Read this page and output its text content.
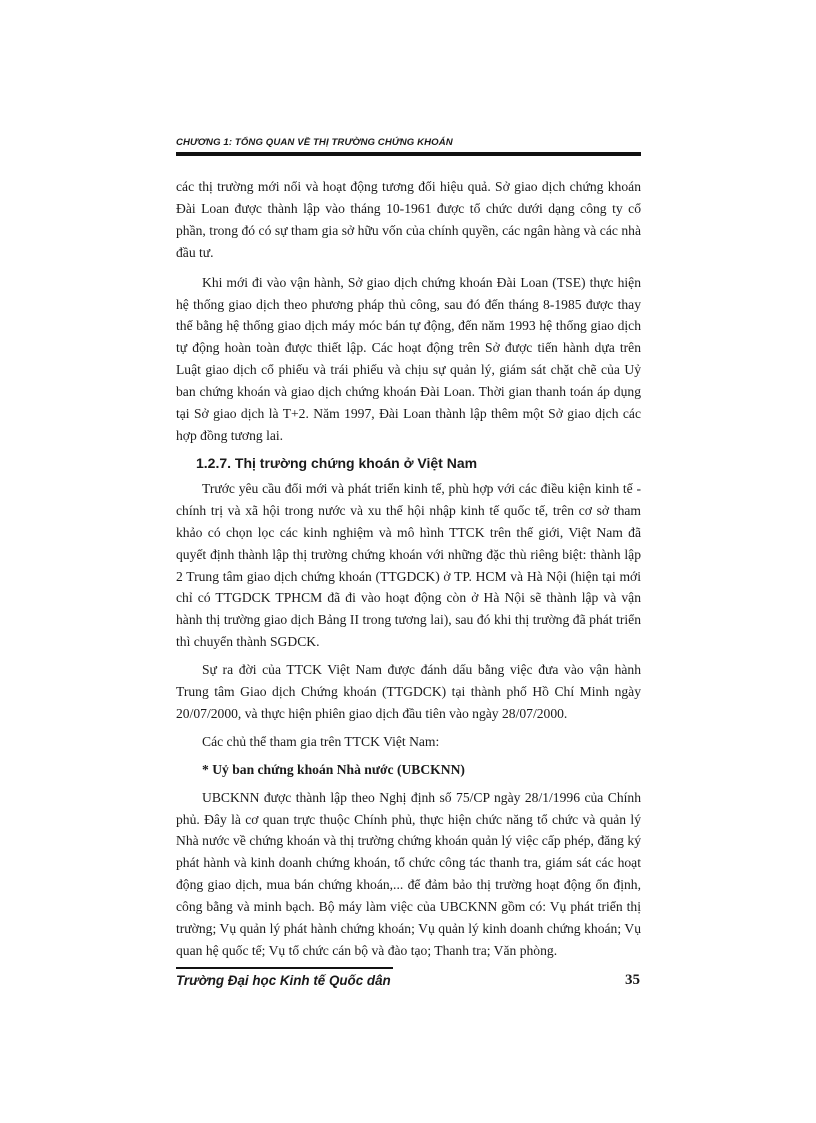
CHƯƠNG 1: TỔNG QUAN VỀ THỊ TRƯỜNG CHỨNG KHOÁN

các thị trường mới nổi và hoạt động tương đối hiệu quả. Sở giao dịch chứng khoán Đài Loan được thành lập vào tháng 10-1961 được tổ chức dưới dạng công ty cổ phần, trong đó có sự tham gia sở hữu vốn của chính quyền, các ngân hàng và các nhà đầu tư.

Khi mới đi vào vận hành, Sở giao dịch chứng khoán Đài Loan (TSE) thực hiện hệ thống giao dịch theo phương pháp thủ công, sau đó đến tháng 8-1985 được thay thế bằng hệ thống giao dịch máy móc bán tự động, đến năm 1993 hệ thống giao dịch tự động hoàn toàn được thiết lập. Các hoạt động trên Sở được tiến hành dựa trên Luật giao dịch cổ phiếu và trái phiếu và chịu sự quản lý, giám sát chặt chẽ của Uỷ ban chứng khoán và giao dịch chứng khoán Đài Loan. Thời gian thanh toán áp dụng tại Sở giao dịch là T+2. Năm 1997, Đài Loan thành lập thêm một Sở giao dịch các hợp đồng tương lai.

1.2.7. Thị trường chứng khoán ở Việt Nam

Trước yêu cầu đổi mới và phát triển kinh tế, phù hợp với các điều kiện kinh tế - chính trị và xã hội trong nước và xu thế hội nhập kinh tế quốc tế, trên cơ sở tham khảo có chọn lọc các kinh nghiệm và mô hình TTCK trên thế giới, Việt Nam đã quyết định thành lập thị trường chứng khoán với những đặc thù riêng biệt: thành lập 2 Trung tâm giao dịch chứng khoán (TTGDCK) ở TP. HCM và Hà Nội (hiện tại mới chỉ có TTGDCK TPHCM đã đi vào hoạt động còn ở Hà Nội sẽ thành lập và vận hành thị trường giao dịch Bảng II trong tương lai), sau đó khi thị trường đã phát triển thì chuyển thành SGDCK.

Sự ra đời của TTCK Việt Nam được đánh dấu bằng việc đưa vào vận hành Trung tâm Giao dịch Chứng khoán (TTGDCK) tại thành phố Hồ Chí Minh ngày 20/07/2000, và thực hiện phiên giao dịch đầu tiên vào ngày 28/07/2000.

Các chủ thể tham gia trên TTCK Việt Nam:

* Uỷ ban chứng khoán Nhà nước (UBCKNN)

UBCKNN được thành lập theo Nghị định số 75/CP ngày 28/1/1996 của Chính phủ. Đây là cơ quan trực thuộc Chính phủ, thực hiện chức năng tổ chức và quản lý Nhà nước về chứng khoán và thị trường chứng khoán quản lý việc cấp phép, đăng ký phát hành và kinh doanh chứng khoán, tổ chức công tác thanh tra, giám sát các hoạt động giao dịch, mua bán chứng khoán,... để đảm bảo thị trường hoạt động ổn định, công bằng và minh bạch. Bộ máy làm việc của UBCKNN gồm có: Vụ phát triển thị trường; Vụ quản lý phát hành chứng khoán; Vụ quản lý kinh doanh chứng khoán; Vụ quan hệ quốc tế; Vụ tổ chức cán bộ và đào tạo; Thanh tra; Văn phòng.

Trường Đại học Kinh tế Quốc dân	35
